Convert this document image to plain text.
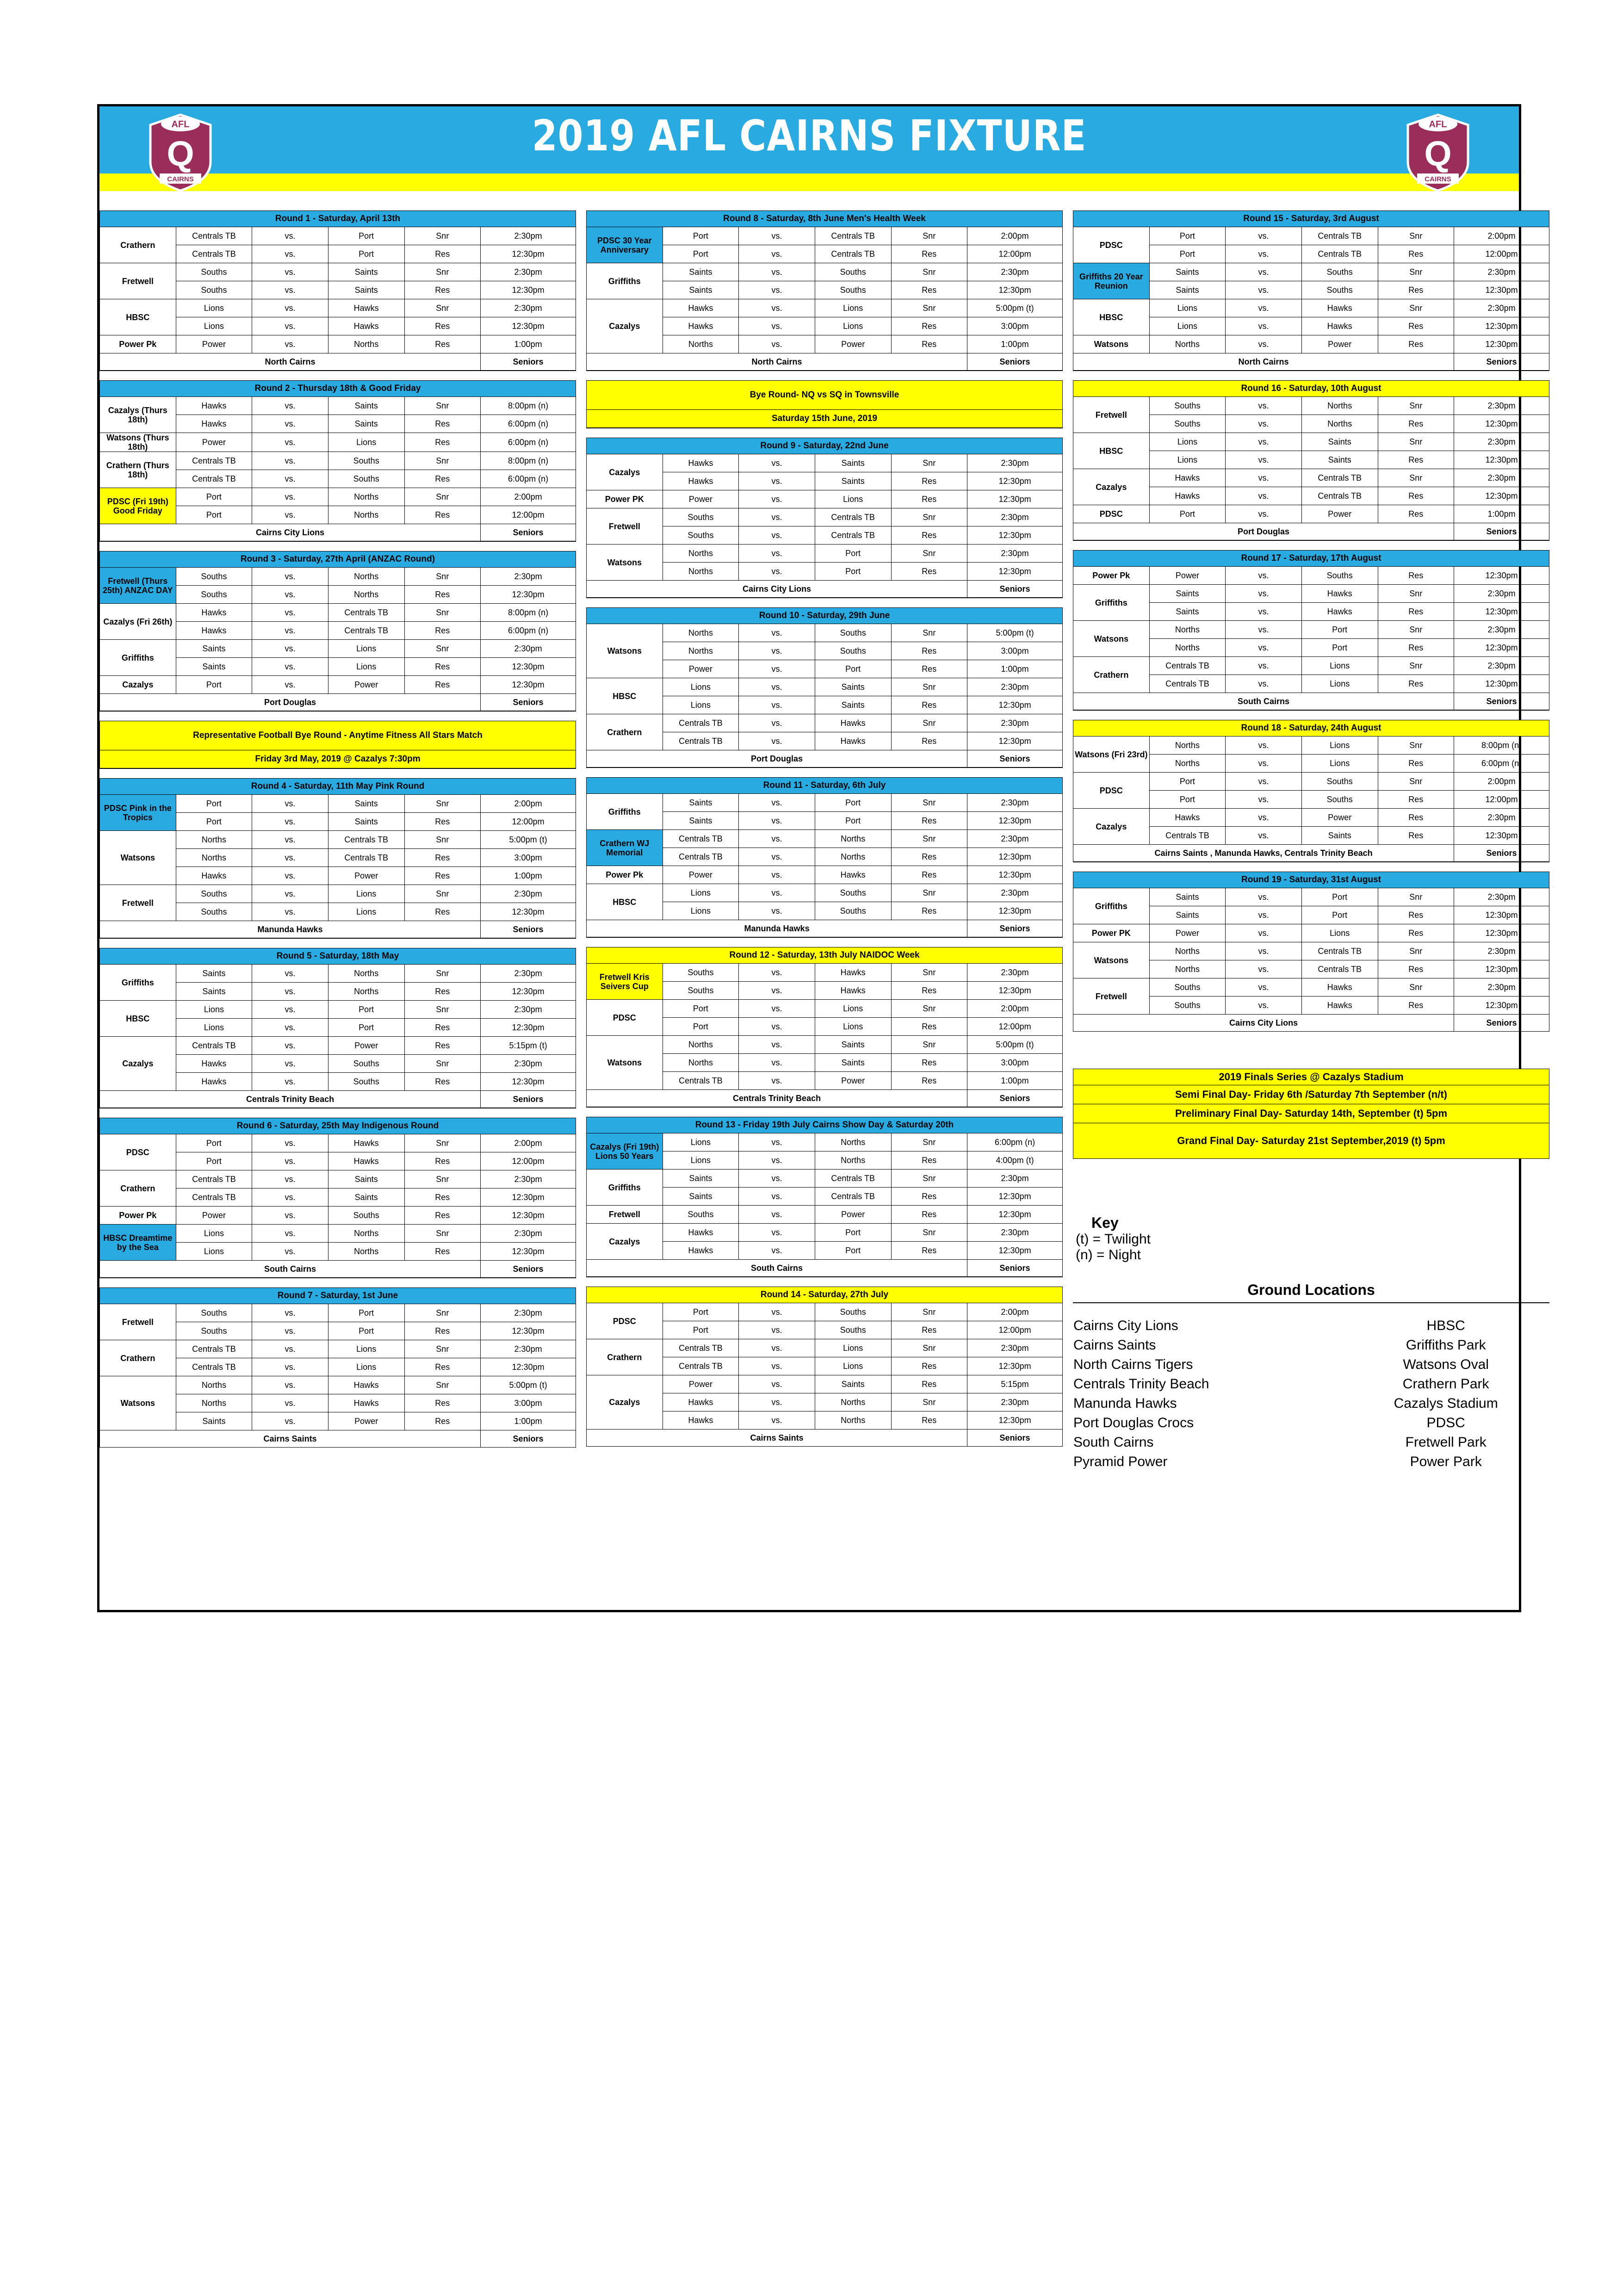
2019 AFL CAIRNS FIXTURE
AFL
Q
CAIRNS
AFL
Q
CAIRNS
Round 1 - Saturday, April 13th					
Crathern	Centrals TB	vs.	Port	Snr	2:30pm
	Centrals TB	vs.	Port	Res	12:30pm
Fretwell	Souths	vs.	Saints	Snr	2:30pm
	Souths	vs.	Saints	Res	12:30pm
HBSC	Lions	vs.	Hawks	Snr	2:30pm
	Lions	vs.	Hawks	Res	12:30pm
Power Pk	Power	vs.	Norths	Res	1:00pm
North Cairns					Seniors
Round 2 - Thursday 18th & Good Friday					
Cazalys (Thurs 18th)	Hawks	vs.	Saints	Snr	8:00pm (n)
	Hawks	vs.	Saints	Res	6:00pm (n)
Watsons (Thurs 18th)	Power	vs.	Lions	Res	6:00pm (n)
Crathern (Thurs 18th)	Centrals TB	vs.	Souths	Snr	8:00pm (n)
	Centrals TB	vs.	Souths	Res	6:00pm (n)
PDSC (Fri 19th) Good Friday	Port	vs.	Norths	Snr	2:00pm
	Port	vs.	Norths	Res	12:00pm
Cairns City Lions					Seniors
Round 3 - Saturday, 27th April (ANZAC Round)					
Fretwell (Thurs 25th) ANZAC DAY	Souths	vs.	Norths	Snr	2:30pm
	Souths	vs.	Norths	Res	12:30pm
Cazalys (Fri 26th)	Hawks	vs.	Centrals TB	Snr	8:00pm (n)
	Hawks	vs.	Centrals TB	Res	6:00pm (n)
Griffiths	Saints	vs.	Lions	Snr	2:30pm
	Saints	vs.	Lions	Res	12:30pm
Cazalys	Port	vs.	Power	Res	12:30pm
Port Douglas					Seniors
Representative Football Bye Round - Anytime Fitness All Stars Match
Friday 3rd May, 2019 @ Cazalys 7:30pm
Round 4 - Saturday, 11th May Pink Round					
PDSC Pink in the Tropics	Port	vs.	Saints	Snr	2:00pm
	Port	vs.	Saints	Res	12:00pm
Watsons	Norths	vs.	Centrals TB	Snr	5:00pm (t)
	Norths	vs.	Centrals TB	Res	3:00pm
	Hawks	vs.	Power	Res	1:00pm
Fretwell	Souths	vs.	Lions	Snr	2:30pm
	Souths	vs.	Lions	Res	12:30pm
Manunda Hawks					Seniors
Round 5 - Saturday, 18th May					
Griffiths	Saints	vs.	Norths	Snr	2:30pm
	Saints	vs.	Norths	Res	12:30pm
HBSC	Lions	vs.	Port	Snr	2:30pm
	Lions	vs.	Port	Res	12:30pm
Cazalys	Centrals TB	vs.	Power	Res	5:15pm (t)
	Hawks	vs.	Souths	Snr	2:30pm
	Hawks	vs.	Souths	Res	12:30pm
Centrals Trinity Beach					Seniors
Round 6 - Saturday, 25th May Indigenous Round					
PDSC	Port	vs.	Hawks	Snr	2:00pm
	Port	vs.	Hawks	Res	12:00pm
Crathern	Centrals TB	vs.	Saints	Snr	2:30pm
	Centrals TB	vs.	Saints	Res	12:30pm
Power Pk	Power	vs.	Souths	Res	12:30pm
HBSC Dreamtime by the Sea	Lions	vs.	Norths	Snr	2:30pm
	Lions	vs.	Norths	Res	12:30pm
South Cairns					Seniors
Round 7 - Saturday, 1st June					
Fretwell	Souths	vs.	Port	Snr	2:30pm
	Souths	vs.	Port	Res	12:30pm
Crathern	Centrals TB	vs.	Lions	Snr	2:30pm
	Centrals TB	vs.	Lions	Res	12:30pm
Watsons	Norths	vs.	Hawks	Snr	5:00pm (t)
	Norths	vs.	Hawks	Res	3:00pm
	Saints	vs.	Power	Res	1:00pm
Cairns Saints					Seniors
Round 8 - Saturday, 8th June Men's Health Week					
PDSC 30 Year Anniversary	Port	vs.	Centrals TB	Snr	2:00pm
	Port	vs.	Centrals TB	Res	12:00pm
Griffiths	Saints	vs.	Souths	Snr	2:30pm
	Saints	vs.	Souths	Res	12:30pm
Cazalys	Hawks	vs.	Lions	Snr	5:00pm (t)
	Hawks	vs.	Lions	Res	3:00pm
	Norths	vs.	Power	Res	1:00pm
North Cairns					Seniors
Bye Round- NQ vs SQ in Townsville
Saturday 15th June, 2019
Round 9 - Saturday, 22nd June					
Cazalys	Hawks	vs.	Saints	Snr	2:30pm
	Hawks	vs.	Saints	Res	12:30pm
Power PK	Power	vs.	Lions	Res	12:30pm
Fretwell	Souths	vs.	Centrals TB	Snr	2:30pm
	Souths	vs.	Centrals TB	Res	12:30pm
Watsons	Norths	vs.	Port	Snr	2:30pm
	Norths	vs.	Port	Res	12:30pm
Cairns City Lions					Seniors
Round 10 - Saturday, 29th June					
Watsons	Norths	vs.	Souths	Snr	5:00pm (t)
	Norths	vs.	Souths	Res	3:00pm
	Power	vs.	Port	Res	1:00pm
HBSC	Lions	vs.	Saints	Snr	2:30pm
	Lions	vs.	Saints	Res	12:30pm
Crathern	Centrals TB	vs.	Hawks	Snr	2:30pm
	Centrals TB	vs.	Hawks	Res	12:30pm
Port Douglas					Seniors
Round 11 - Saturday, 6th July					
Griffiths	Saints	vs.	Port	Snr	2:30pm
	Saints	vs.	Port	Res	12:30pm
Crathern WJ Memorial	Centrals TB	vs.	Norths	Snr	2:30pm
	Centrals TB	vs.	Norths	Res	12:30pm
Power Pk	Power	vs.	Hawks	Res	12:30pm
HBSC	Lions	vs.	Souths	Snr	2:30pm
	Lions	vs.	Souths	Res	12:30pm
Manunda Hawks					Seniors
Round 12 - Saturday, 13th July NAIDOC Week					
Fretwell Kris Seivers Cup	Souths	vs.	Hawks	Snr	2:30pm
	Souths	vs.	Hawks	Res	12:30pm
PDSC	Port	vs.	Lions	Snr	2:00pm
	Port	vs.	Lions	Res	12:00pm
Watsons	Norths	vs.	Saints	Snr	5:00pm (t)
	Norths	vs.	Saints	Res	3:00pm
	Centrals TB	vs.	Power	Res	1:00pm
Centrals Trinity Beach					Seniors
Round 13 - Friday 19th July Cairns Show Day & Saturday 20th					
Cazalys (Fri 19th) Lions 50 Years	Lions	vs.	Norths	Snr	6:00pm (n)
	Lions	vs.	Norths	Res	4:00pm (t)
Griffiths	Saints	vs.	Centrals TB	Snr	2:30pm
	Saints	vs.	Centrals TB	Res	12:30pm
Fretwell	Souths	vs.	Power	Res	12:30pm
Cazalys	Hawks	vs.	Port	Snr	2:30pm
	Hawks	vs.	Port	Res	12:30pm
South Cairns					Seniors
Round 14 - Saturday, 27th July					
PDSC	Port	vs.	Souths	Snr	2:00pm
	Port	vs.	Souths	Res	12:00pm
Crathern	Centrals TB	vs.	Lions	Snr	2:30pm
	Centrals TB	vs.	Lions	Res	12:30pm
Cazalys	Power	vs.	Saints	Res	5:15pm
	Hawks	vs.	Norths	Snr	2:30pm
	Hawks	vs.	Norths	Res	12:30pm
Cairns Saints					Seniors
Round 15 - Saturday, 3rd August					
PDSC	Port	vs.	Centrals TB	Snr	2:00pm
	Port	vs.	Centrals TB	Res	12:00pm
Griffiths 20 Year Reunion	Saints	vs.	Souths	Snr	2:30pm
	Saints	vs.	Souths	Res	12:30pm
HBSC	Lions	vs.	Hawks	Snr	2:30pm
	Lions	vs.	Hawks	Res	12:30pm
Watsons	Norths	vs.	Power	Res	12:30pm
North Cairns					Seniors
Round 16 - Saturday, 10th August					
Fretwell	Souths	vs.	Norths	Snr	2:30pm
	Souths	vs.	Norths	Res	12:30pm
HBSC	Lions	vs.	Saints	Snr	2:30pm
	Lions	vs.	Saints	Res	12:30pm
Cazalys	Hawks	vs.	Centrals TB	Snr	2:30pm
	Hawks	vs.	Centrals TB	Res	12:30pm
PDSC	Port	vs.	Power	Res	1:00pm
Port Douglas					Seniors
Round 17 - Saturday, 17th August					
Power Pk	Power	vs.	Souths	Res	12:30pm
Griffiths	Saints	vs.	Hawks	Snr	2:30pm
	Saints	vs.	Hawks	Res	12:30pm
Watsons	Norths	vs.	Port	Snr	2:30pm
	Norths	vs.	Port	Res	12:30pm
Crathern	Centrals TB	vs.	Lions	Snr	2:30pm
	Centrals TB	vs.	Lions	Res	12:30pm
South Cairns					Seniors
Round 18 - Saturday, 24th August					
Watsons (Fri 23rd)	Norths	vs.	Lions	Snr	8:00pm (n)
	Norths	vs.	Lions	Res	6:00pm (n)
PDSC	Port	vs.	Souths	Snr	2:00pm
	Port	vs.	Souths	Res	12:00pm
Cazalys	Hawks	vs.	Power	Res	2:30pm
	Centrals TB	vs.	Saints	Res	12:30pm
Cairns Saints , Manunda Hawks, Centrals Trinity Beach					Seniors
Round 19 - Saturday, 31st August					
Griffiths	Saints	vs.	Port	Snr	2:30pm
	Saints	vs.	Port	Res	12:30pm
Power PK	Power	vs.	Lions	Res	12:30pm
Watsons	Norths	vs.	Centrals TB	Snr	2:30pm
	Norths	vs.	Centrals TB	Res	12:30pm
Fretwell	Souths	vs.	Hawks	Snr	2:30pm
	Souths	vs.	Hawks	Res	12:30pm
Cairns City Lions					Seniors
2019 Finals Series @ Cazalys Stadium
Semi Final Day- Friday 6th /Saturday 7th September (n/t)
Preliminary Final Day- Saturday 14th, September (t) 5pm
Grand Final Day- Saturday 21st September,2019 (t) 5pm
Key
(t) = Twilight
(n) = Night
Ground Locations
Cairns City Lions	HBSC
Cairns Saints	Griffiths Park
North Cairns Tigers	Watsons Oval
Centrals Trinity Beach	Crathern Park
Manunda Hawks	Cazalys Stadium
Port Douglas Crocs	PDSC
South Cairns	Fretwell Park
Pyramid Power	Power Park
